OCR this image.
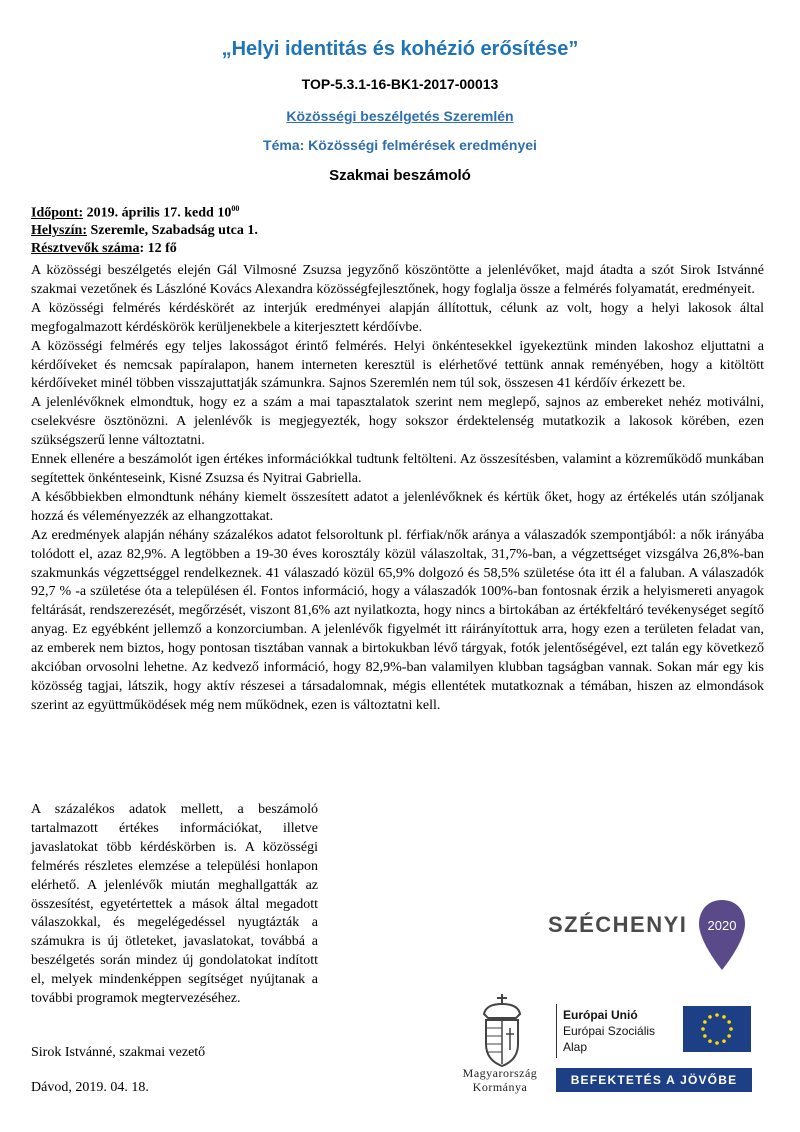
„Helyi identitás és kohézió erősítése”
TOP-5.3.1-16-BK1-2017-00013
Közösségi beszélgetés Szeremlén
Téma: Közösségi felmérések eredményei
Szakmai beszámoló
Időpont: 2019. április 17. kedd $10^{00}$
Helyszín: Szeremle, Szabadság utca 1.
Résztvevők száma: 12 fő

A közösségi beszélgetés elején Gál Vilmosné Zsuzsa jegyzőnő köszöntötte a jelenlévőket, majd átadta a szót Sirok Istvánné szakmai vezetőnek és Lászlóné Kovács Alexandra közösségfejlesztőnek, hogy foglalja össze a felmérés folyamatát, eredményeit.

A közösségi felmérés kérdéskörét az interjúk eredményei alapján állítottuk, célunk az volt, hogy a helyi lakosok által megfogalmazott kérdéskörök kerüljenekbele a kiterjesztett kérdőívbe.

A közösségi felmérés egy teljes lakosságot érintő felmérés. Helyi önkéntesekkel igyekeztünk minden lakoshoz eljuttatni a kérdőíveket és nemcsak papíralapon, hanem interneten keresztül is elérhetővé tettünk annak reményében, hogy a kitöltött kérdőíveket minél többen visszajuttatják számunkra. Sajnos Szeremlén nem túl sok, összesen 41 kérdőív érkezett be.

A jelenlévőknek elmondtuk, hogy ez a szám a mai tapasztalatok szerint nem meglepő, sajnos az embereket nehéz motiválni, cselekvésre ösztönözni. A jelenlévők is megjegyezték, hogy sokszor érdektelenség mutatkozik a lakosok körében, ezen szükségszerű lenne változtatni.

Ennek ellenére a beszámolót igen értékes információkkal tudtunk feltölteni. Az összesítésben, valamint a közreműködő munkában segítettek önkénteseink, Kisné Zsuzsa és Nyitrai Gabriella.

A későbbiekben elmondtunk néhány kiemelt összesített adatot a jelenlévőknek és kértük őket, hogy az értékelés után szóljanak hozzá és véleményezzék az elhangzottakat.

Az eredmények alapján néhány százalékos adatot felsoroltunk pl. férfiak/nők aránya a válaszadók szempontjából: a nők irányába tolódott el, azaz 82,9%. A legtöbben a 19-30 éves korosztály közül válaszoltak, 31,7%-ban, a végzettséget vizsgálva 26,8%-ban szakmunkás végzettséggel rendelkeznek. 41 válaszadó közül 65,9% dolgozó és 58,5% születése óta itt él a faluban. A válaszadók 92,7 % -a születése óta a településen él. Fontos információ, hogy a válaszadók 100%-ban fontosnak érzik a helyismereti anyagok feltárását, rendszerezését, megőrzését, viszont 81,6% azt nyilatkozta, hogy nincs a birtokában az értékfeltáró tevékenységet segítő anyag. Ez egyébként jellemző a konzorciumban. A jelenlévők figyelmét itt ráirányítottuk arra, hogy ezen a területen feladat van, az emberek nem biztos, hogy pontosan tisztában vannak a birtokukban lévő tárgyak, fotók jelentőségével, ezt talán egy következő akcióban orvosolni lehetne. Az kedvező információ, hogy 82,9%-ban valamilyen klubban tagságban vannak. Sokan már egy kis közösség tagjai, látszik, hogy aktív részesei a társadalomnak, mégis ellentétek mutatkoznak a témában, hiszen az elmondások szerint az együttműködések még nem működnek, ezen is változtatni kell.

A százalékos adatok mellett, a beszámoló tartalmazott értékes információkat, illetve javaslatokat több kérdéskörben is. A közösségi felmérés részletes elemzése a települési honlapon elérhető. A jelenlévők miután meghallgatták az összesítést, egyetértettek a mások által megadott válaszokkal, és megelégedéssel nyugtázták a számukra is új ötleteket, javaslatokat, továbbá a beszélgetés során mindez új gondolatokat indított el, melyek mindenképpen segítséget nyújtanak a további programok megtervezéséhez.

Sirok Istvánné, szakmai vezető
Dávod, 2019. 04. 18.
SZÉCHENYI 2020
Magyarország
Kormánya
Európai Unió
Európai Szociális
Alap
BEFEKTETÉS A JÖVŐBE
